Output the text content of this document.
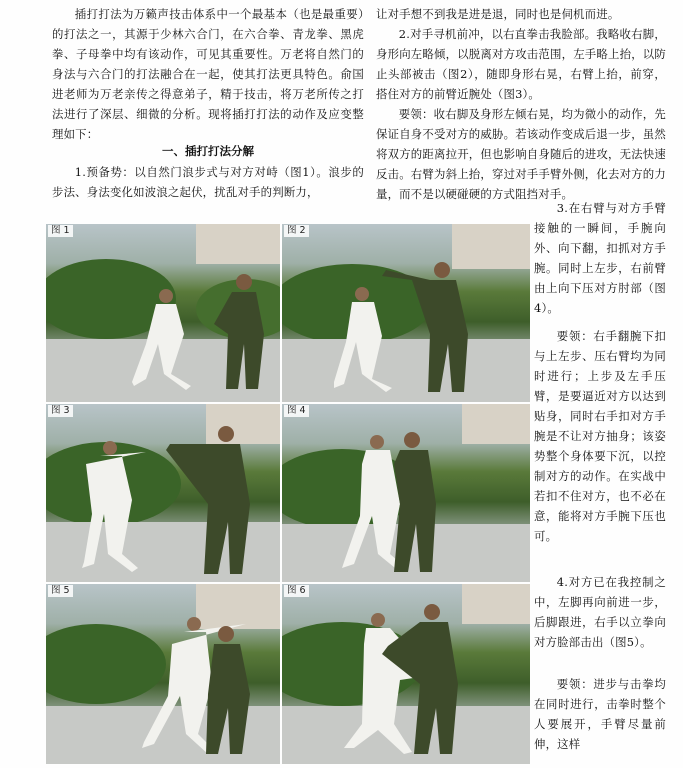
插打打法为万籁声技击体系中一个最基本（也是最重要）的打法之一，其源于少林六合门，在六合拳、青龙拳、黑虎拳、子母拳中均有该动作，可见其重要性。万老将自然门的身法与六合门的打法融合在一起，使其打法更具特色。俞国进老师为万老亲传之得意弟子，精于技击，将万老所传之打法进行了深层、细微的分析。现将插打打法的动作及应变整理如下：

一、插打打法分解

1.预备势：以自然门浪步式与对方对峙（图1）。浪步的步法、身法变化如波浪之起伏，扰乱对手的判断力，

让对手想不到我是进是退，同时也是伺机而进。

2.对手寻机前冲，以右直拳击我脸部。我略收右脚，身形向左略倾，以脱离对方攻击范围，左手略上抬，以防止头部被击（图2），随即身形右晃，右臂上抬，前穿，搭住对方的前臂近腕处（图3）。

要领：收右脚及身形左倾右晃，均为微小的动作，先保证自身不受对方的威胁。若该动作变成后退一步，虽然将双方的距离拉开，但也影响自身随后的进攻，无法快速反击。右臂为斜上抬，穿过对手手臂外侧，化去对方的力量，而不是以硬碰硬的方式阻挡对手。

3.在右臂与对方手臂接触的一瞬间，手腕向外、向下翻，扣抓对方手腕。同时上左步，右前臂由上向下压对方肘部（图4）。

要领：右手翻腕下扣与上左步、压右臂均为同时进行；上步及左手压臂，是要逼近对方以达到贴身，同时右手扣对方手腕是不让对方抽身；该姿势整个身体要下沉，以控制对方的动作。在实战中若扣不住对方，也不必在意，能将对方手腕下压也可。

4.对方已在我控制之中，左脚再向前进一步，后脚跟进，右手以立拳向对方脸部击出（图5）。

要领：进步与击拳均在同时进行，击拳时整个人要展开，手臂尽量前伸，这样

图 1	图 2
图 3	图 4
图 5	图 6
